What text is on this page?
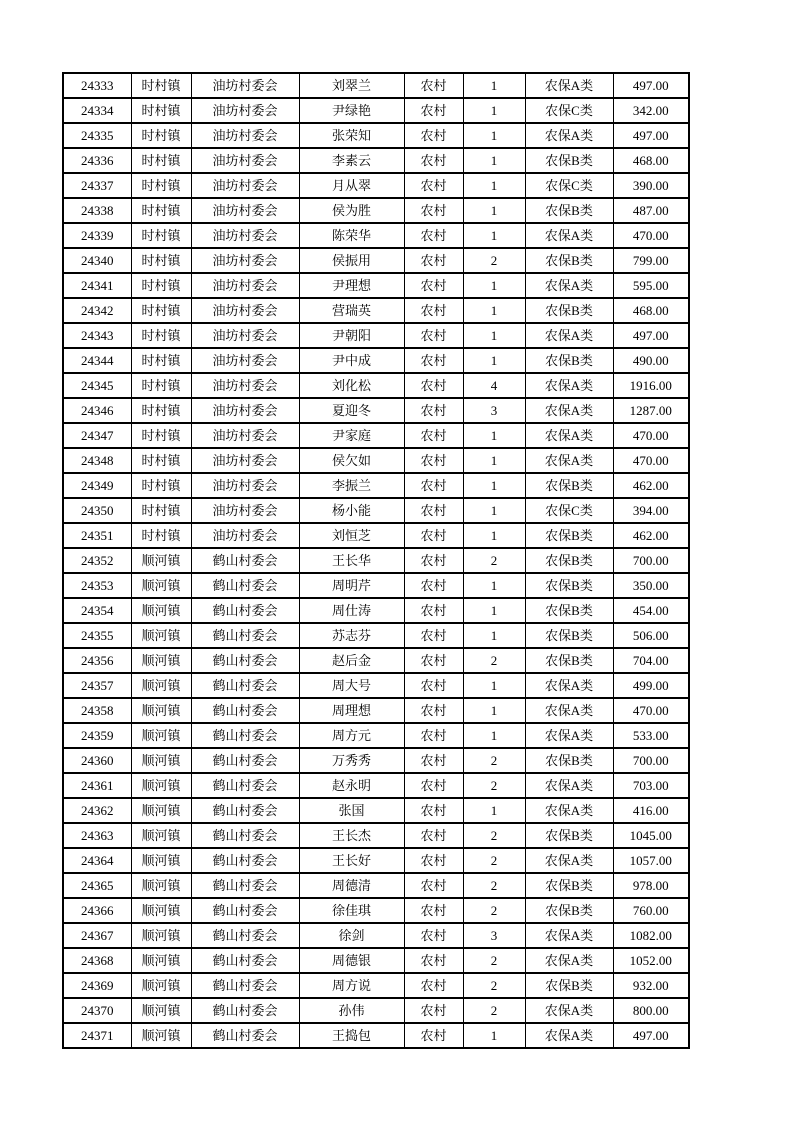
24333	时村镇	油坊村委会	刘翠兰	农村	1	农保A类	497.00
24334	时村镇	油坊村委会	尹绿艳	农村	1	农保C类	342.00
24335	时村镇	油坊村委会	张荣知	农村	1	农保A类	497.00
24336	时村镇	油坊村委会	李素云	农村	1	农保B类	468.00
24337	时村镇	油坊村委会	月从翠	农村	1	农保C类	390.00
24338	时村镇	油坊村委会	侯为胜	农村	1	农保B类	487.00
24339	时村镇	油坊村委会	陈荣华	农村	1	农保A类	470.00
24340	时村镇	油坊村委会	侯振用	农村	2	农保B类	799.00
24341	时村镇	油坊村委会	尹理想	农村	1	农保A类	595.00
24342	时村镇	油坊村委会	营瑞英	农村	1	农保B类	468.00
24343	时村镇	油坊村委会	尹朝阳	农村	1	农保A类	497.00
24344	时村镇	油坊村委会	尹中成	农村	1	农保B类	490.00
24345	时村镇	油坊村委会	刘化松	农村	4	农保A类	1916.00
24346	时村镇	油坊村委会	夏迎冬	农村	3	农保A类	1287.00
24347	时村镇	油坊村委会	尹家庭	农村	1	农保A类	470.00
24348	时村镇	油坊村委会	侯欠如	农村	1	农保A类	470.00
24349	时村镇	油坊村委会	李振兰	农村	1	农保B类	462.00
24350	时村镇	油坊村委会	杨小能	农村	1	农保C类	394.00
24351	时村镇	油坊村委会	刘恒芝	农村	1	农保B类	462.00
24352	顺河镇	鹤山村委会	王长华	农村	2	农保B类	700.00
24353	顺河镇	鹤山村委会	周明芹	农村	1	农保B类	350.00
24354	顺河镇	鹤山村委会	周仕涛	农村	1	农保B类	454.00
24355	顺河镇	鹤山村委会	苏志芬	农村	1	农保B类	506.00
24356	顺河镇	鹤山村委会	赵后金	农村	2	农保B类	704.00
24357	顺河镇	鹤山村委会	周大号	农村	1	农保A类	499.00
24358	顺河镇	鹤山村委会	周理想	农村	1	农保A类	470.00
24359	顺河镇	鹤山村委会	周方元	农村	1	农保A类	533.00
24360	顺河镇	鹤山村委会	万秀秀	农村	2	农保B类	700.00
24361	顺河镇	鹤山村委会	赵永明	农村	2	农保A类	703.00
24362	顺河镇	鹤山村委会	张国	农村	1	农保A类	416.00
24363	顺河镇	鹤山村委会	王长杰	农村	2	农保B类	1045.00
24364	顺河镇	鹤山村委会	王长好	农村	2	农保A类	1057.00
24365	顺河镇	鹤山村委会	周德清	农村	2	农保B类	978.00
24366	顺河镇	鹤山村委会	徐佳琪	农村	2	农保B类	760.00
24367	顺河镇	鹤山村委会	徐剑	农村	3	农保A类	1082.00
24368	顺河镇	鹤山村委会	周德银	农村	2	农保A类	1052.00
24369	顺河镇	鹤山村委会	周方说	农村	2	农保B类	932.00
24370	顺河镇	鹤山村委会	孙伟	农村	2	农保A类	800.00
24371	顺河镇	鹤山村委会	王捣包	农村	1	农保A类	497.00
